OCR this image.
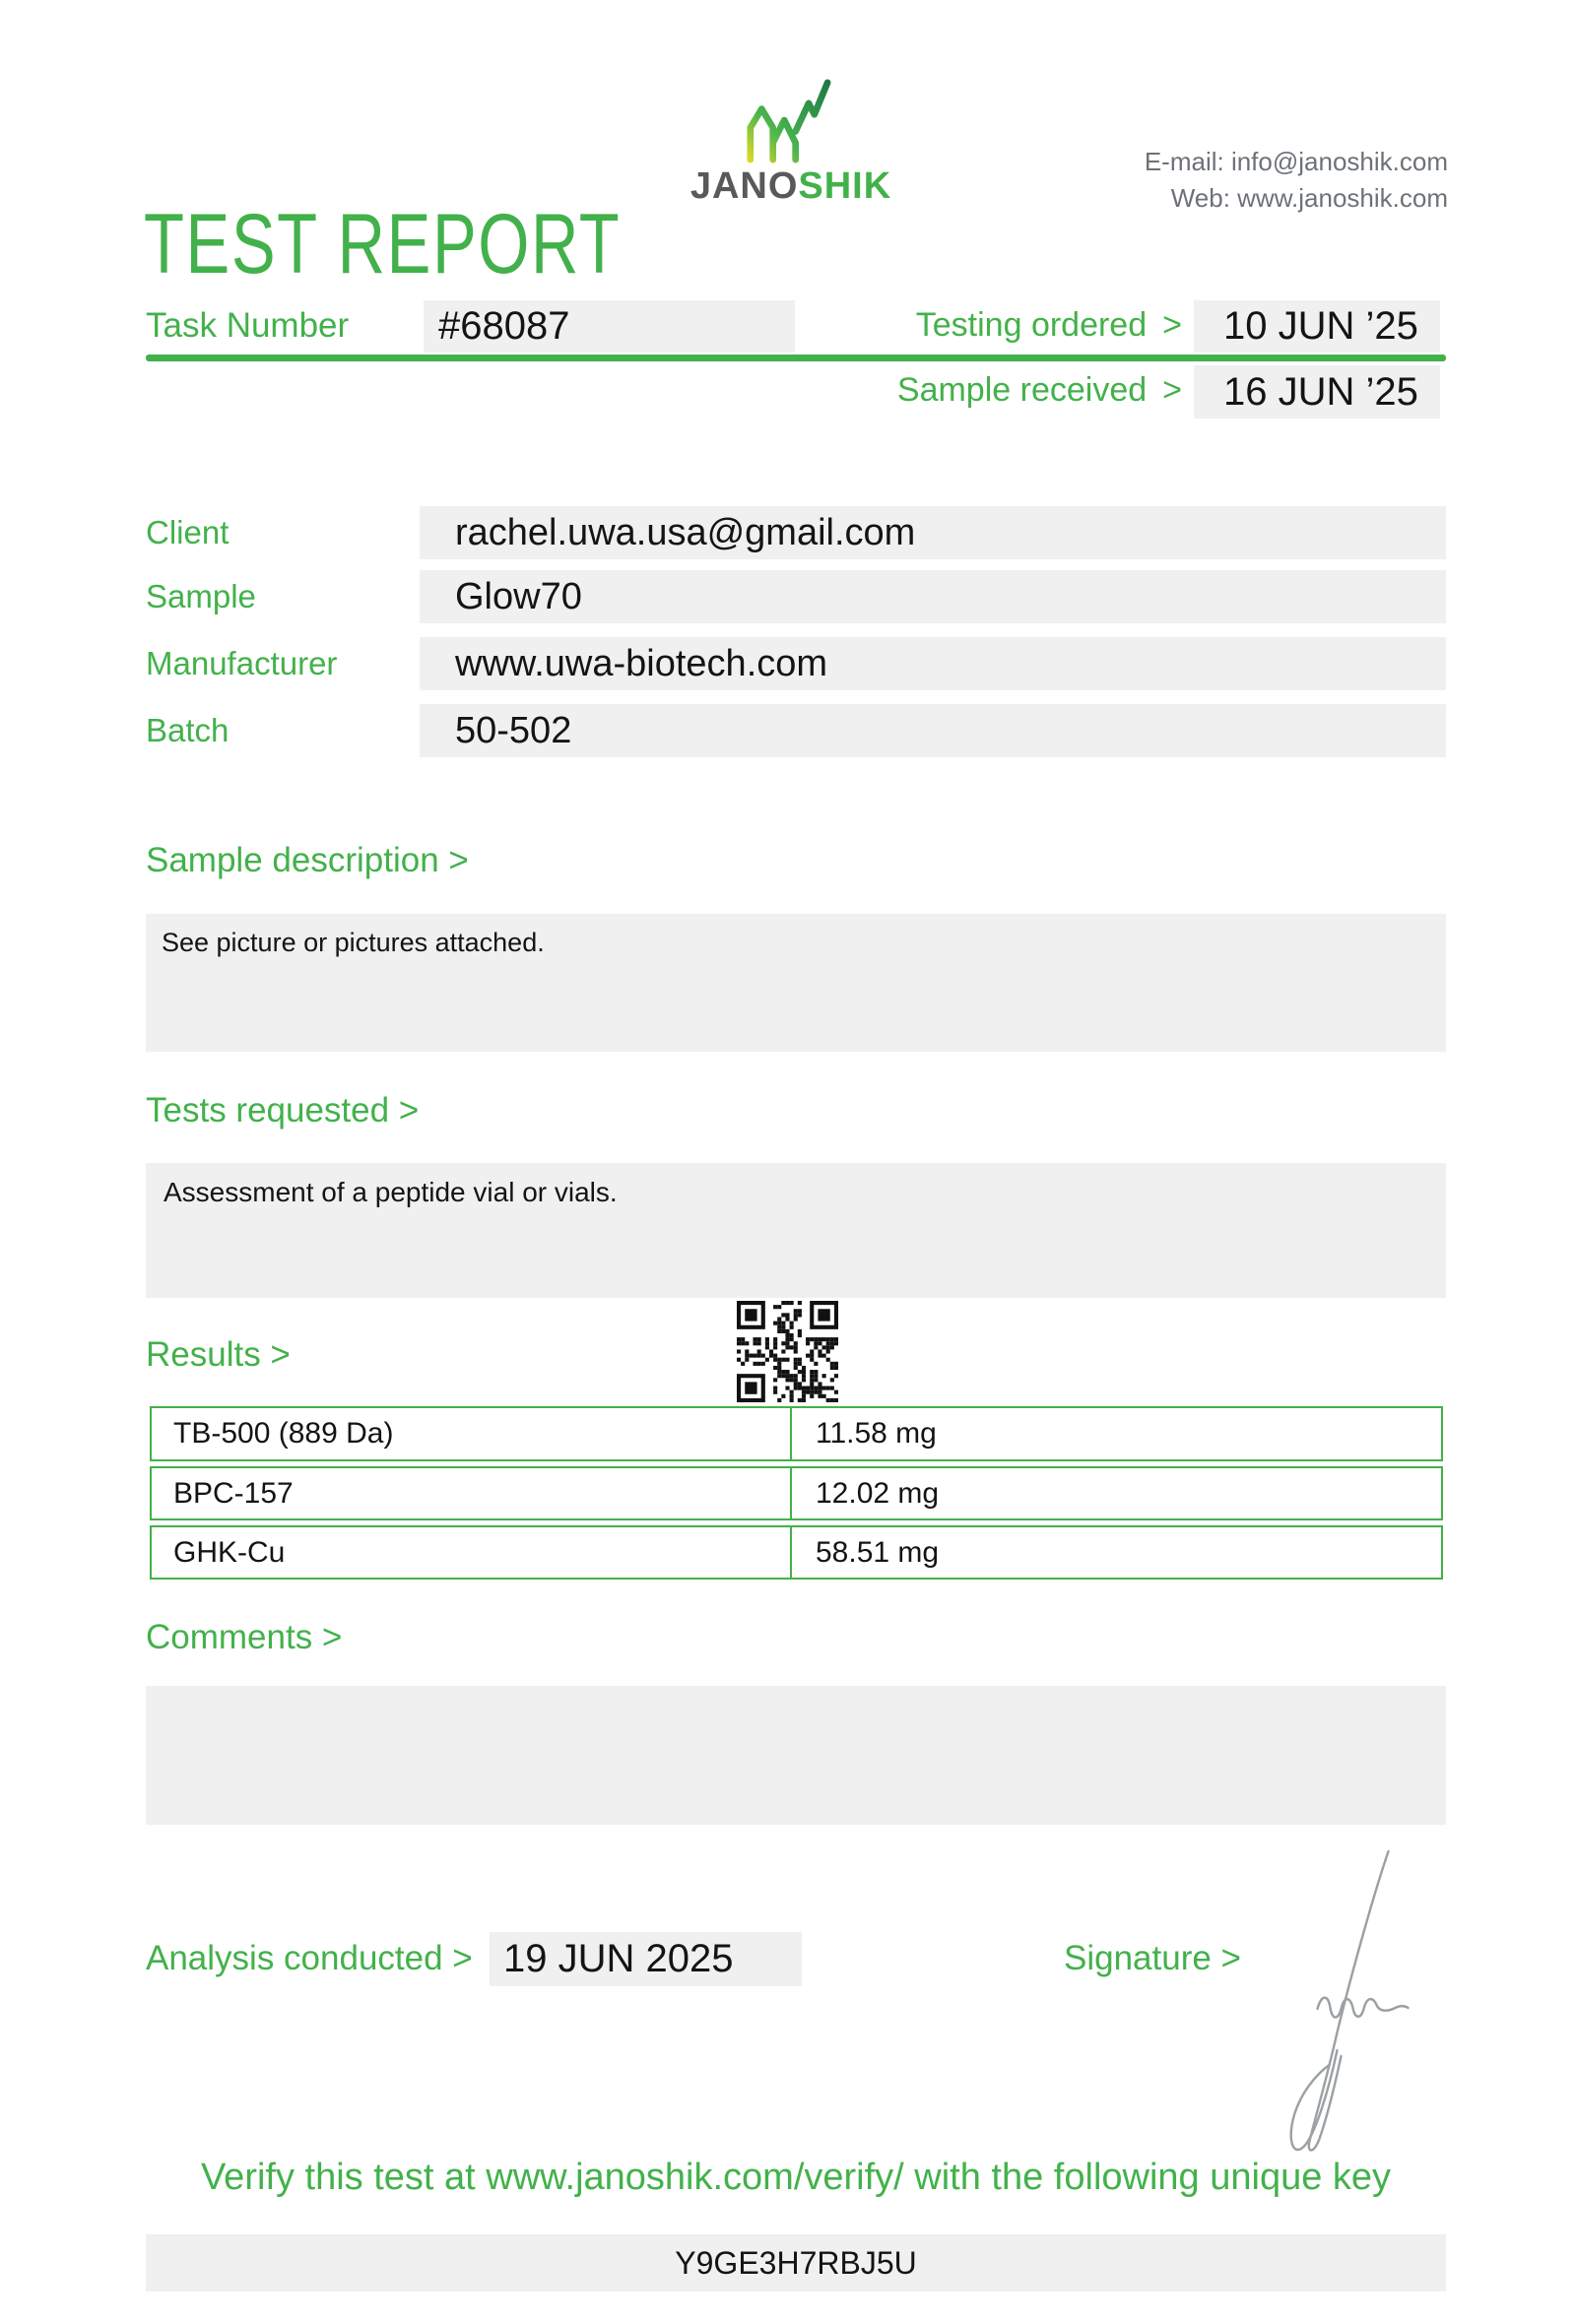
TEST REPORT
JANOSHIK
E-mail: info@janoshik.com
Web: www.janoshik.com
Task Number	#68087	Testing ordered >	10 JUN ’25
Sample received >	16 JUN ’25
Client	rachel.uwa.usa@gmail.com
Sample	Glow70
Manufacturer	www.uwa-biotech.com
Batch	50-502
Sample description >
See picture or pictures attached.
Tests requested >
Assessment of a peptide vial or vials.
Results >
TB-500 (889 Da)	11.58 mg
BPC-157	12.02 mg
GHK-Cu	58.51 mg
Comments >
Analysis conducted > 19 JUN 2025	Signature >
Verify this test at www.janoshik.com/verify/ with the following unique key
Y9GE3H7RBJ5U
